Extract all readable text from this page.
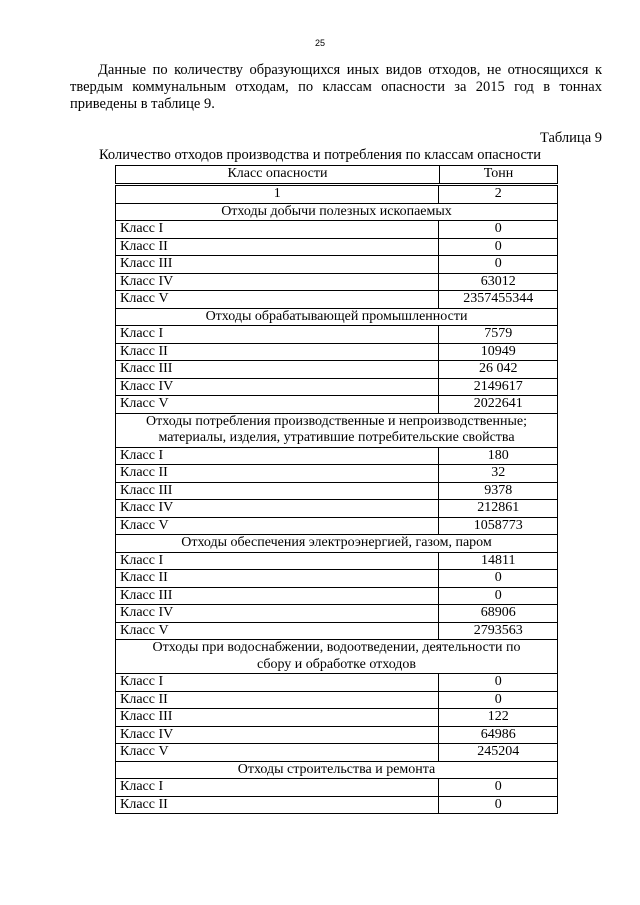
25

Данные по количеству образующихся иных видов отходов, не относящихся к
твердым коммунальным отходам, по классам опасности за 2015 год в тоннах
приведены в таблице 9.

Таблица 9
Количество отходов производства и потребления по классам опасности
Класс опасности	Тонн
1	2

Отходы добычи полезных ископаемых	

Класс I	0
Класс II	0
Класс III	0
Класс IV	63012
Класс V	2357455344

Отходы обрабатывающей промышленности	

Класс I	7579
Класс II	10949
Класс III	26 042
Класс IV	2149617
Класс V	2022641

Отходы потребления производственные и непроизводственные;
материалы, изделия, утратившие потребительские свойства	

Класс I	180
Класс II	32
Класс III	9378
Класс IV	212861
Класс V	1058773

Отходы обеспечения электроэнергией, газом, паром	

Класс I	14811
Класс II	0
Класс III	0
Класс IV	68906
Класс V	2793563

Отходы при водоснабжении, водоотведении, деятельности по
сбору и обработке отходов	

Класс I	0
Класс II	0
Класс III	122
Класс IV	64986
Класс V	245204

Отходы строительства и ремонта	

Класс I	0
Класс II	0
